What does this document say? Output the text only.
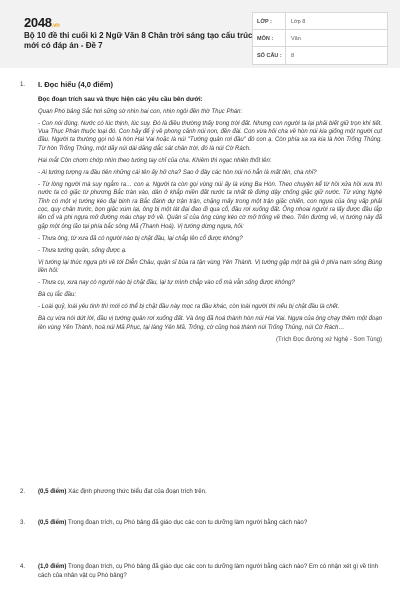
2048.vn
Bộ 10 đề thi cuối kì 2 Ngữ Văn 8 Chân trời sáng tạo cấu trúc mới có đáp án - Đề 7
LỚP :	Lớp 8
MÔN :	Văn
SỐ CÂU :	8
1.	I. Đọc hiểu (4,0 điểm)
Đọc đoạn trích sau và thực hiện các yêu cầu bên dưới:

Quan Phó bảng Sắc hơi sững sờ nhìn hai con, nhìn ngôi đền thờ Thục Phán:

- Con nói đúng. Nước có lúc thịnh, lúc suy. Đó là điều thường thấy trong trời đất. Nhưng con người ta lại phải biết giữ trọn khí tiết. Vua Thục Phán thuộc loại đó. Con hãy để ý về phong cảnh núi non, đền đài. Con vừa hỏi cha về hòn núi kia giống một người cụt đầu. Người ta thường gọi nó là hòn Hai Vai hoặc là núi "Tướng quân rơi đầu" đó con ạ. Còn phía xa xa kia là hòn Trống Thủng. Từ hòn Trống Thủng, một dãy núi dài dăng dắc sát chân trời, đó là núi Cờ Rách.

Hai mắt Côn chơm chớp nhìn theo tướng tay chỉ của cha. Khiêm thì ngạc nhiên thốt lên:

- Ai tướng tượng ra đầu tiên những cái tên ấy hở cha? Sao ở đây các hòn núi nó hẳn là mất tên, cha nhỉ?

- Từ lòng người mà suy ngẫm ra… con ạ. Người ta còn gọi vùng núi ấy là vùng Ba Hòn. Theo chuyện kể từ hồi xửa hồi xưa thì nước ta có giặc từ phương Bắc tràn vào, dân ở khắp miền đất nước ta nhất tề đứng dậy chống giặc giữ nước. Từ vùng Nghệ Tĩnh có một vị tướng kéo đại binh ra Bắc đánh dự trận trận, chặng mấy trong một trận giặc chiến, con ngựa của ông vấp phải cọc, quy chân trước, bọn giặc xúm lại, ông bị một lát đại đao đi qua cổ, đầu rơi xuống đất. Ông nhoai người ra lấy được đầu lắp lên cổ và phi ngựa mở đường máu chạy trở về. Quân sĩ của ông cùng kéo cờ mở trống về theo. Trên đường về, vị tướng này đã gặp một ông lão tại phía bắc sông Mã (Thanh Hoá). Vị tướng dừng ngựa, hỏi:

- Thưa ông, từ xưa đã có người nào bị chặt đầu, lại chắp lên cổ được không?

- Thưa tướng quân, sống được ạ.

Vị tướng lại thúc ngựa phi về tới Diễn Châu, quận sĩ bủa ra tận vùng Yên Thành. Vị tướng gặp một bà già ở phía nam sông Bùng liền hỏi:

- Thưa cụ, xưa nay có người nào bị chặt đầu, lại tự mình chắp vào cổ mà vẫn sống được không?

Bà cụ lắc đầu:

- Loài quỷ, loài yêu tinh thì mới có thể bị chặt đầu này mọc ra đầu khác, còn loài người thì nếu bị chặt đầu là chết.

Bà cụ vừa nói dứt lời, đầu vị tướng quân rơi xuống đất. Và ông đã hoá thành hòn núi Hai Vai. Ngựa của ông chạy thêm một đoạn lên vùng Yên Thành, hoá núi Mã Phục, tại làng Yên Mã. Trống, cờ cũng hoá thành núi Trống Thủng, núi Cờ Rách…

(Trích Đọc đường xứ Nghệ - Sơn Tùng)
2.	(0,5 điểm) Xác định phương thức biểu đạt của đoạn trích trên.
3.	(0,5 điểm) Trong đoạn trích, cụ Phó bảng đã giáo dục các con tu dưỡng làm người bằng cách nào?
4.	(1,0 điểm) Trong đoạn trích, cụ Phó bảng đã giáo dục các con tu dưỡng làm người bằng cách nào? Em có nhận xét gì về tính cách của nhân vật cụ Phó bảng?
